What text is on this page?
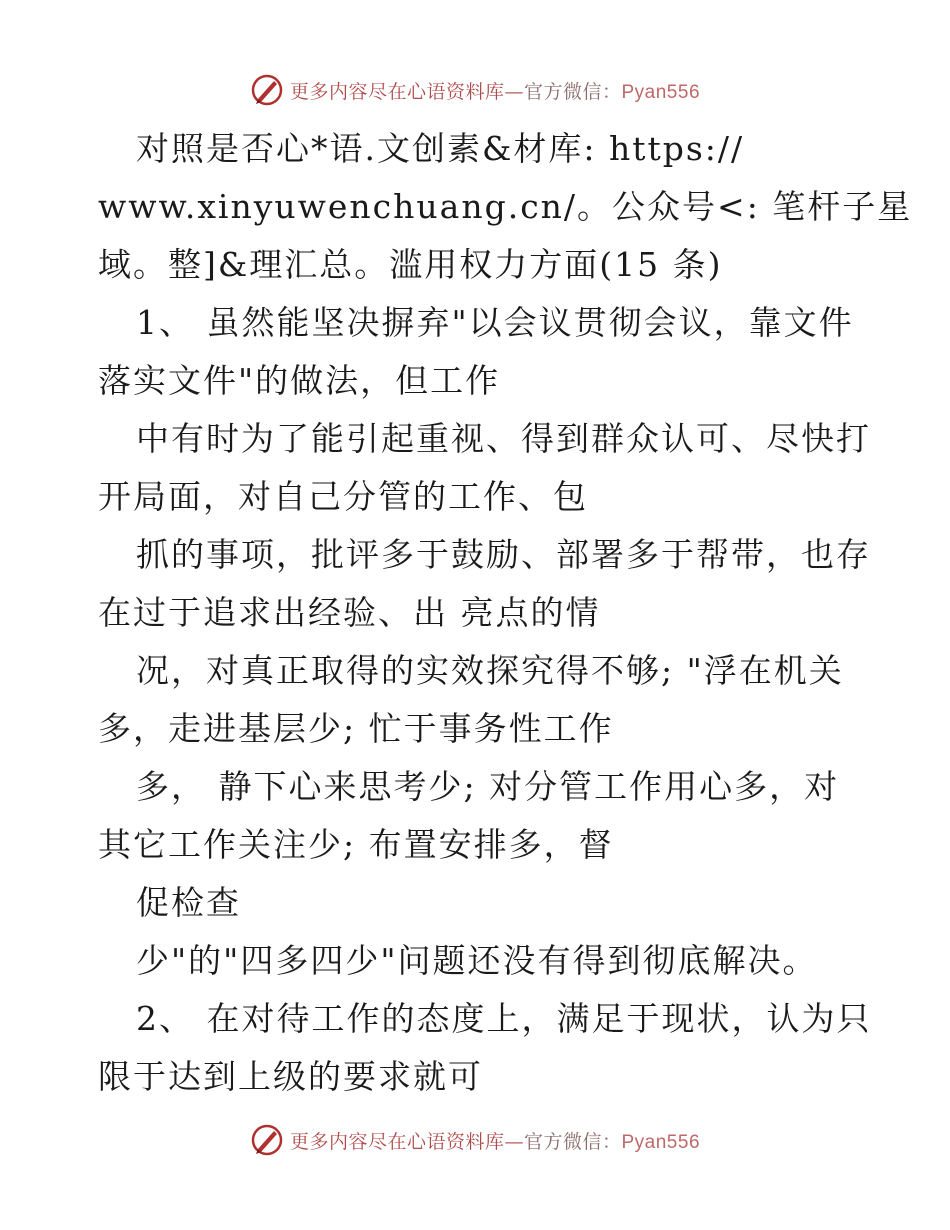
更多内容尽在心语资料库—官方微信：Pyan556
对照是否心*语.文创素&材库: https://
www.xinyuwenchuang.cn/。公众号<: 笔杆子星
域。整]&理汇总。滥用权力方面(15 条)
1、 虽然能坚决摒弃"以会议贯彻会议，靠文件
落实文件"的做法，但工作
中有时为了能引起重视、得到群众认可、尽快打
开局面，对自己分管的工作、包
抓的事项，批评多于鼓励、部署多于帮带，也存
在过于追求出经验、出 亮点的情
况，对真正取得的实效探究得不够; "浮在机关
多，走进基层少; 忙于事务性工作
多， 静下心来思考少; 对分管工作用心多，对
其它工作关注少; 布置安排多，督
促检查
少"的"四多四少"问题还没有得到彻底解决。
2、 在对待工作的态度上，满足于现状，认为只
限于达到上级的要求就可
更多内容尽在心语资料库—官方微信：Pyan556
